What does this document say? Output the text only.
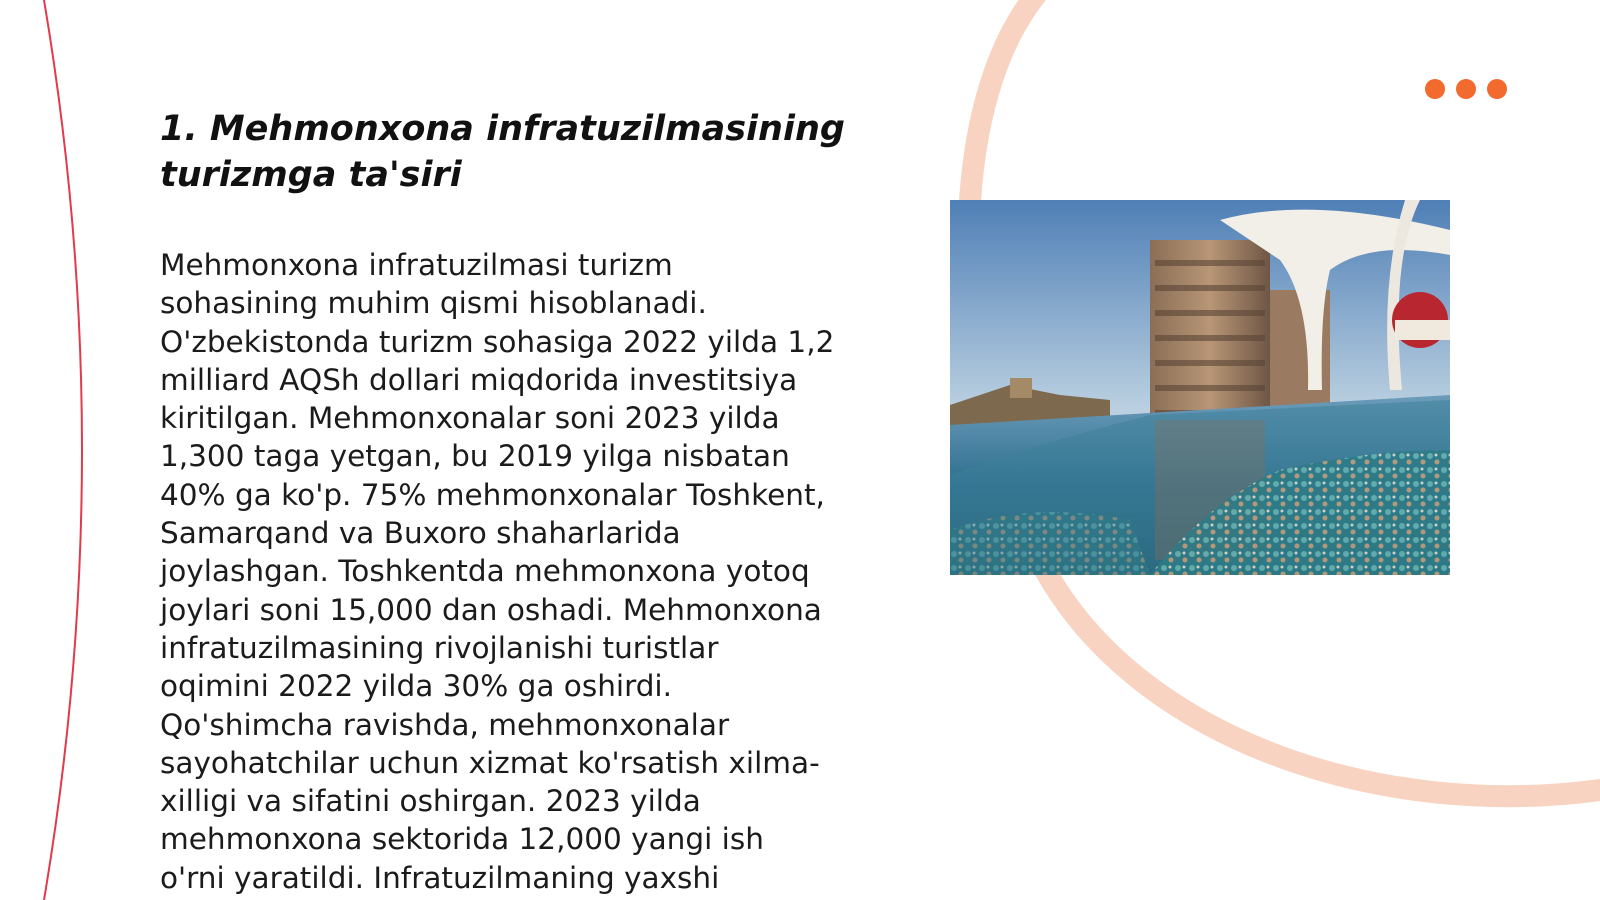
1. Mehmonxona infratuzilmasining
turizmga ta'siri

Mehmonxona infratuzilmasi turizm
sohasining muhim qismi hisoblanadi.
O'zbekistonda turizm sohasiga 2022 yilda 1,2
milliard AQSh dollari miqdorida investitsiya
kiritilgan. Mehmonxonalar soni 2023 yilda
1,300 taga yetgan, bu 2019 yilga nisbatan
40% ga ko'p. 75% mehmonxonalar Toshkent,
Samarqand va Buxoro shaharlarida
joylashgan. Toshkentda mehmonxona yotoq
joylari soni 15,000 dan oshadi. Mehmonxona
infratuzilmasining rivojlanishi turistlar
oqimini 2022 yilda 30% ga oshirdi.
Qo'shimcha ravishda, mehmonxonalar
sayohatchilar uchun xizmat ko'rsatish xilma-
xilligi va sifatini oshirgan. 2023 yilda
mehmonxona sektorida 12,000 yangi ish
o'rni yaratildi. Infratuzilmaning yaxshi
